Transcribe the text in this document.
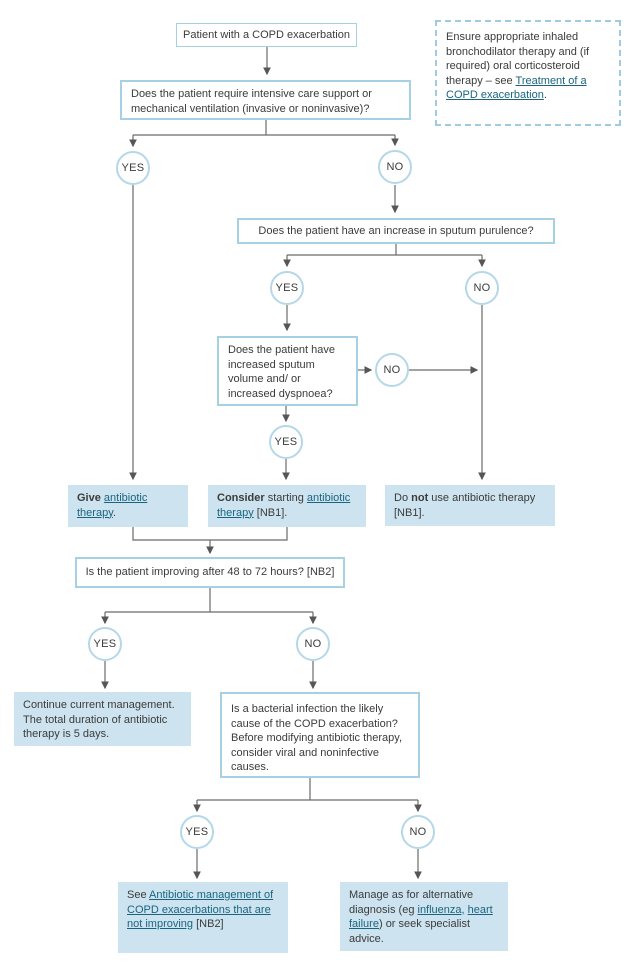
Patient with a COPD exacerbation	Ensure appropriate inhaled bronchodilator therapy and (if required) oral corticosteroid therapy – see Treatment of a COPD exacerbation.
Does the patient require intensive care support or mechanical ventilation (invasive or noninvasive)?
YES	NO
Does the patient have an increase in sputum purulence?
YES	NO
Does the patient have increased sputum volume and/ or increased dyspnoea?
NO
YES
Give antibiotic therapy.
Consider starting antibiotic therapy [NB1].
Do not use antibiotic therapy [NB1].
Is the patient improving after 48 to 72 hours? [NB2]
YES	NO
Continue current management. The total duration of antibiotic therapy is 5 days.
Is a bacterial infection the likely cause of the COPD exacerbation? Before modifying antibiotic therapy, consider viral and noninfective causes.
YES	NO
See Antibiotic management of COPD exacerbations that are not improving [NB2]
Manage as for alternative diagnosis (eg influenza, heart failure) or seek specialist advice.
